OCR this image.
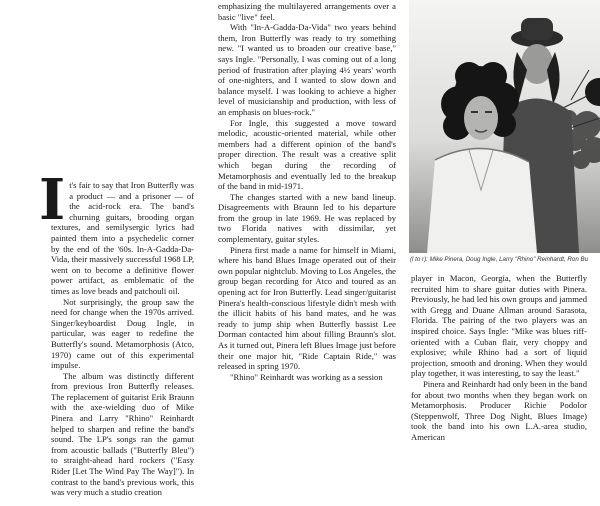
I t's fair to say that Iron Butterfly was a product — and a prisoner — of the acid-rock era. The band's churning guitars, brooding organ textures, and semilysergic lyrics had painted them into a psychedelic corner by the end of the '60s. In-A-Gadda-Da-Vida, their massively successful 1968 LP, went on to become a definitive flower power artifact, as emblematic of the times as love beads and patchouli oil.

Not surprisingly, the group saw the need for change when the 1970s arrived. Singer/keyboardist Doug Ingle, in particular, was eager to redefine the Butterfly's sound. Metamorphosis (Atco, 1970) came out of this experimental impulse.

The album was distinctly different from previous Iron Butterfly releases. The replacement of guitarist Erik Braunn with the axe-wielding duo of Mike Pinera and Larry "Rhino" Reinhardt helped to sharpen and refine the band's sound. The LP's songs ran the gamut from acoustic ballads ("Butterfly Bleu") to straight-ahead hard rockers ("Easy Rider [Let The Wind Pay The Way]"). In contrast to the band's previous work, this was very much a studio creation

emphasizing the multilayered arrangements over a basic "live" feel.

With "In-A-Gadda-Da-Vida" two years behind them, Iron Butterfly was ready to try something new. "I wanted us to broaden our creative base," says Ingle. "Personally, I was coming out of a long period of frustration after playing 4½ years' worth of one-nighters, and I wanted to slow down and balance myself. I was looking to achieve a higher level of musicianship and production, with less of an emphasis on blues-rock."

For Ingle, this suggested a move toward melodic, acoustic-oriented material, while other members had a different opinion of the band's proper direction. The result was a creative split which began during the recording of Metamorphosis and eventually led to the breakup of the band in mid-1971.

The changes started with a new band lineup. Disagreements with Braunn led to his departure from the group in late 1969. He was replaced by two Florida natives with dissimilar, yet complementary, guitar styles.

Pinera first made a name for himself in Miami, where his band Blues Image operated out of their own popular nightclub. Moving to Los Angeles, the group began recording for Atco and toured as an opening act for Iron Butterfly. Lead singer/guitarist Pinera's health-conscious lifestyle didn't mesh with the illicit habits of his band mates, and he was ready to jump ship when Butterfly bassist Lee Dorman contacted him about filling Braunn's slot. As it turned out, Pinera left Blues Image just before their one major hit, "Ride Captain Ride," was released in spring 1970.

"Rhino" Reinhardt was working as a session

player in Macon, Georgia, when the Butterfly recruited him to share guitar duties with Pinera. Previously, he had led his own groups and jammed with Gregg and Duane Allman around Sarasota, Florida. The pairing of the two players was an inspired choice. Says Ingle: "Mike was blues riff-oriented with a Cuban flair, very choppy and explosive; while Rhino had a sort of liquid projection, smooth and droning. When they would play together, it was interesting, to say the least."

Pinera and Reinhardt had only been in the band for about two months when they began work on Metamorphosis. Producer Richie Podolor (Steppenwolf, Three Dog Night, Blues Image) took the band into his own L.A.-area studio, American

(l to r): Mike Pinera, Doug Ingle, Larry "Rhino" Reinhardt, Ron Bu
